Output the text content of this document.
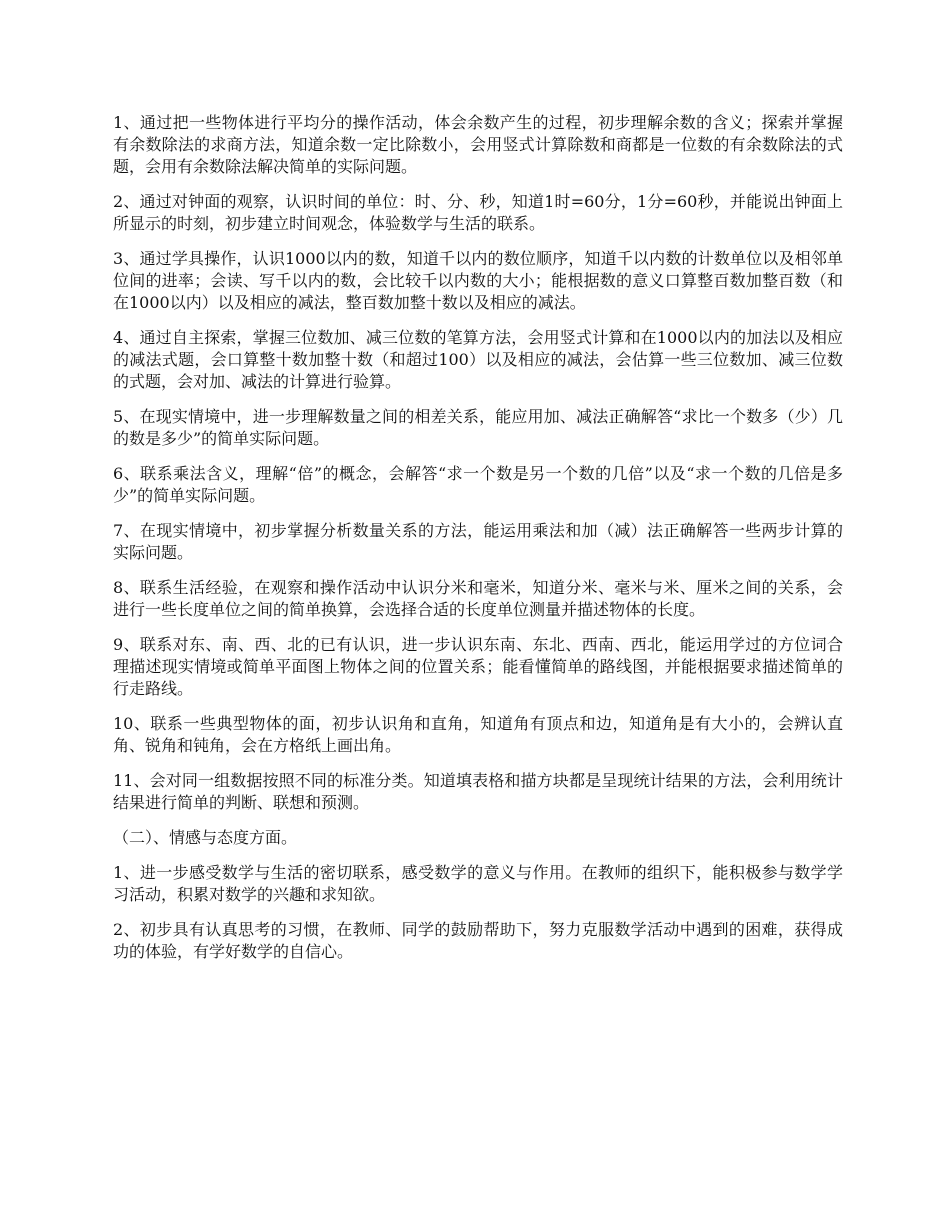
1、通过把一些物体进行平均分的操作活动，体会余数产生的过程，初步理解余数的含义；探索并掌握有余数除法的求商方法，知道余数一定比除数小，会用竖式计算除数和商都是一位数的有余数除法的式题，会用有余数除法解决简单的实际问题。

2、通过对钟面的观察，认识时间的单位：时、分、秒，知道1时=60分，1分=60秒，并能说出钟面上所显示的时刻，初步建立时间观念，体验数学与生活的联系。

3、通过学具操作，认识1000以内的数，知道千以内的数位顺序，知道千以内数的计数单位以及相邻单位间的进率；会读、写千以内的数，会比较千以内数的大小；能根据数的意义口算整百数加整百数（和在1000以内）以及相应的减法，整百数加整十数以及相应的减法。

4、通过自主探索，掌握三位数加、减三位数的笔算方法，会用竖式计算和在1000以内的加法以及相应的减法式题，会口算整十数加整十数（和超过100）以及相应的减法，会估算一些三位数加、减三位数的式题，会对加、减法的计算进行验算。

5、在现实情境中，进一步理解数量之间的相差关系，能应用加、减法正确解答“求比一个数多（少）几的数是多少”的简单实际问题。

6、联系乘法含义，理解“倍”的概念，会解答“求一个数是另一个数的几倍”以及“求一个数的几倍是多少”的简单实际问题。

7、在现实情境中，初步掌握分析数量关系的方法，能运用乘法和加（减）法正确解答一些两步计算的实际问题。

8、联系生活经验，在观察和操作活动中认识分米和毫米，知道分米、毫米与米、厘米之间的关系，会进行一些长度单位之间的简单换算，会选择合适的长度单位测量并描述物体的长度。

9、联系对东、南、西、北的已有认识，进一步认识东南、东北、西南、西北，能运用学过的方位词合理描述现实情境或简单平面图上物体之间的位置关系；能看懂简单的路线图，并能根据要求描述简单的行走路线。

10、联系一些典型物体的面，初步认识角和直角，知道角有顶点和边，知道角是有大小的，会辨认直角、锐角和钝角，会在方格纸上画出角。

11、会对同一组数据按照不同的标准分类。知道填表格和描方块都是呈现统计结果的方法，会利用统计结果进行简单的判断、联想和预测。

（二）、情感与态度方面。

1、进一步感受数学与生活的密切联系，感受数学的意义与作用。在教师的组织下，能积极参与数学学习活动，积累对数学的兴趣和求知欲。

2、初步具有认真思考的习惯，在教师、同学的鼓励帮助下，努力克服数学活动中遇到的困难，获得成功的体验，有学好数学的自信心。
